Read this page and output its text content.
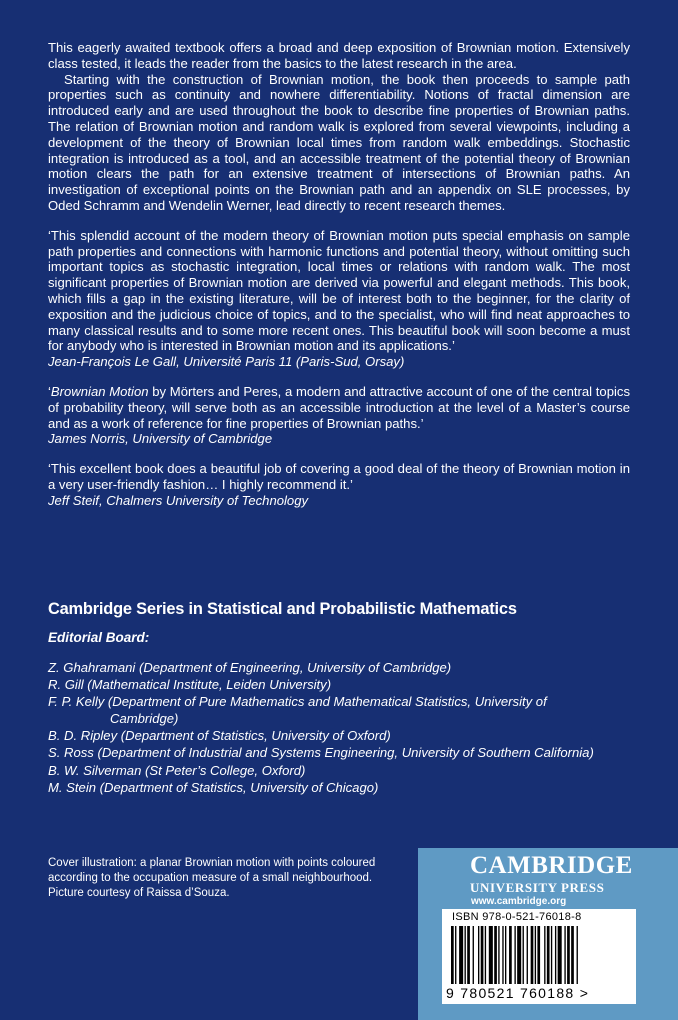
This eagerly awaited textbook offers a broad and deep exposition of Brownian motion. Extensively class tested, it leads the reader from the basics to the latest research in the area.

Starting with the construction of Brownian motion, the book then proceeds to sample path properties such as continuity and nowhere differentiability. Notions of fractal dimension are introduced early and are used throughout the book to describe fine properties of Brownian paths. The relation of Brownian motion and random walk is explored from several viewpoints, including a development of the theory of Brownian local times from random walk embeddings. Stochastic integration is introduced as a tool, and an accessible treatment of the potential theory of Brownian motion clears the path for an extensive treatment of intersections of Brownian paths. An investigation of exceptional points on the Brownian path and an appendix on SLE processes, by Oded Schramm and Wendelin Werner, lead directly to recent research themes.

‘This splendid account of the modern theory of Brownian motion puts special emphasis on sample path properties and connections with harmonic functions and potential theory, without omitting such important topics as stochastic integration, local times or relations with random walk. The most significant properties of Brownian motion are derived via powerful and elegant methods. This book, which fills a gap in the existing literature, will be of interest both to the beginner, for the clarity of exposition and the judicious choice of topics, and to the specialist, who will find neat approaches to many classical results and to some more recent ones. This beautiful book will soon become a must for anybody who is interested in Brownian motion and its applications.’

Jean-François Le Gall, Université Paris 11 (Paris-Sud, Orsay)

‘Brownian Motion by Mörters and Peres, a modern and attractive account of one of the central topics of probability theory, will serve both as an accessible introduction at the level of a Master’s course and as a work of reference for fine properties of Brownian paths.’

James Norris, University of Cambridge

‘This excellent book does a beautiful job of covering a good deal of the theory of Brownian motion in a very user-friendly fashion… I highly recommend it.’

Jeff Steif, Chalmers University of Technology

Cambridge Series in Statistical and Probabilistic Mathematics
Editorial Board:
Z. Ghahramani (Department of Engineering, University of Cambridge)
R. Gill (Mathematical Institute, Leiden University)
F. P. Kelly (Department of Pure Mathematics and Mathematical Statistics, University of Cambridge)
B. D. Ripley (Department of Statistics, University of Oxford)
S. Ross (Department of Industrial and Systems Engineering, University of Southern California)
B. W. Silverman (St Peter’s College, Oxford)
M. Stein (Department of Statistics, University of Chicago)
Cover illustration: a planar Brownian motion with points coloured according to the occupation measure of a small neighbourhood. Picture courtesy of Raissa d’Souza.
CAMBRIDGE
UNIVERSITY PRESS
www.cambridge.org
ISBN 978-0-521-76018-8
9 780521 760188 >
